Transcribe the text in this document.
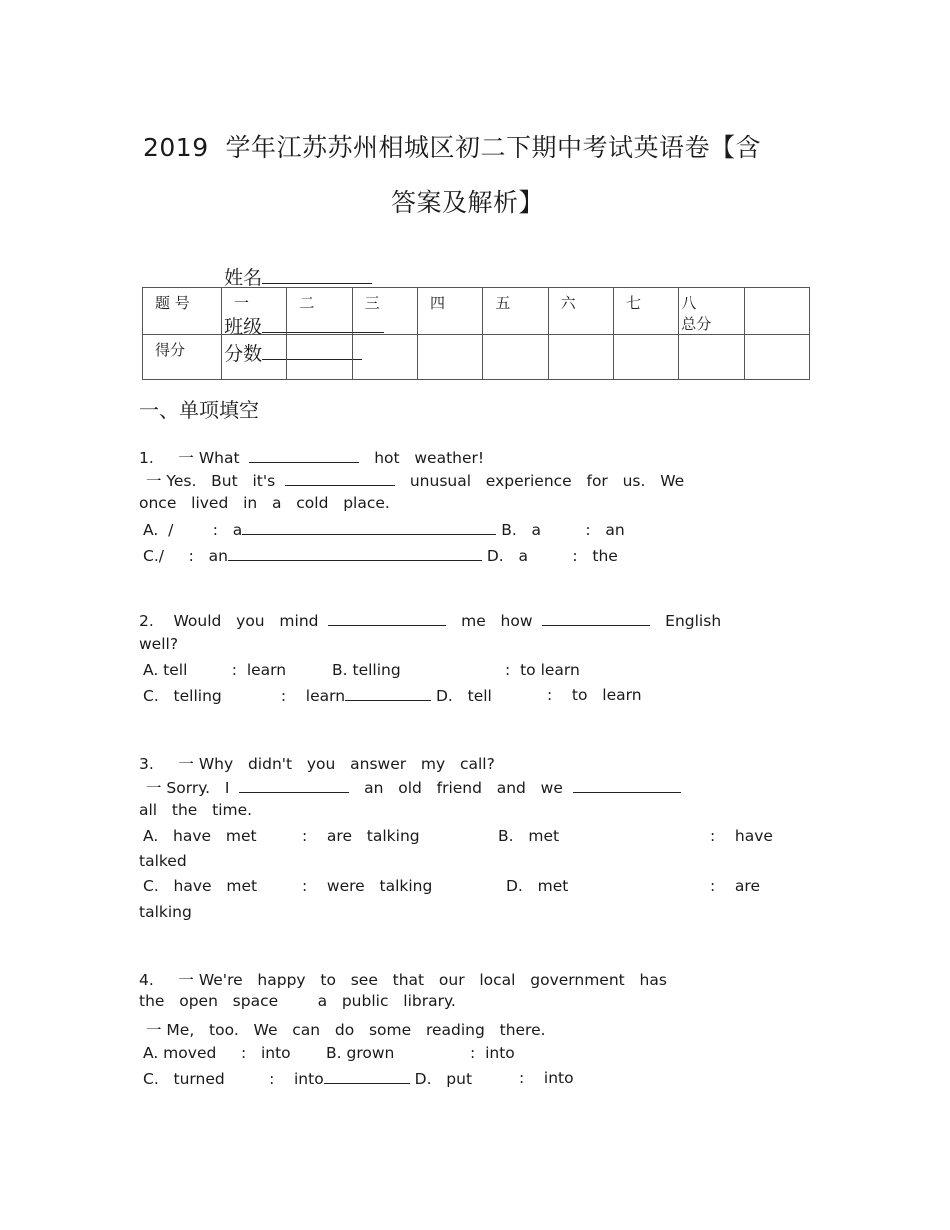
2019  学年江苏苏州相城区初二下期中考试英语卷【含
答案及解析】

姓名

班级
分数

题 号	一	二	三	四	五	六	七	八总分	
得分									
一、单项填空
1.     一 What	hot   weather!
一 Yes.   But   it's	unusual   experience   for   us.   We
once   lived   in   a   cold   place.
A.  /        :   a	B.   a         :   an
C./     :   an	D.   a         :   the
2.    Would   you   mind	me   how	English
well?
A. tell         :  learn	B. telling	:  to learn
C.   telling            :    learn	D.   tell	:    to   learn
3.     一 Why   didn't   you   answer   my   call?
一 Sorry.   I	an   old   friend   and   we
all   the   time.
A.   have   met	:    are   talking	B.   met	:    have
talked
C.   have   met	:    were   talking	D.   met	:    are
talking
4.     一 We're   happy   to   see   that   our   local   government   has
the   open   space        a   public   library.
一 Me,   too.   We   can   do   some   reading   there.
A. moved     :   into B. grown	:  into
C.   turned         :    into	D.   put	:    into
